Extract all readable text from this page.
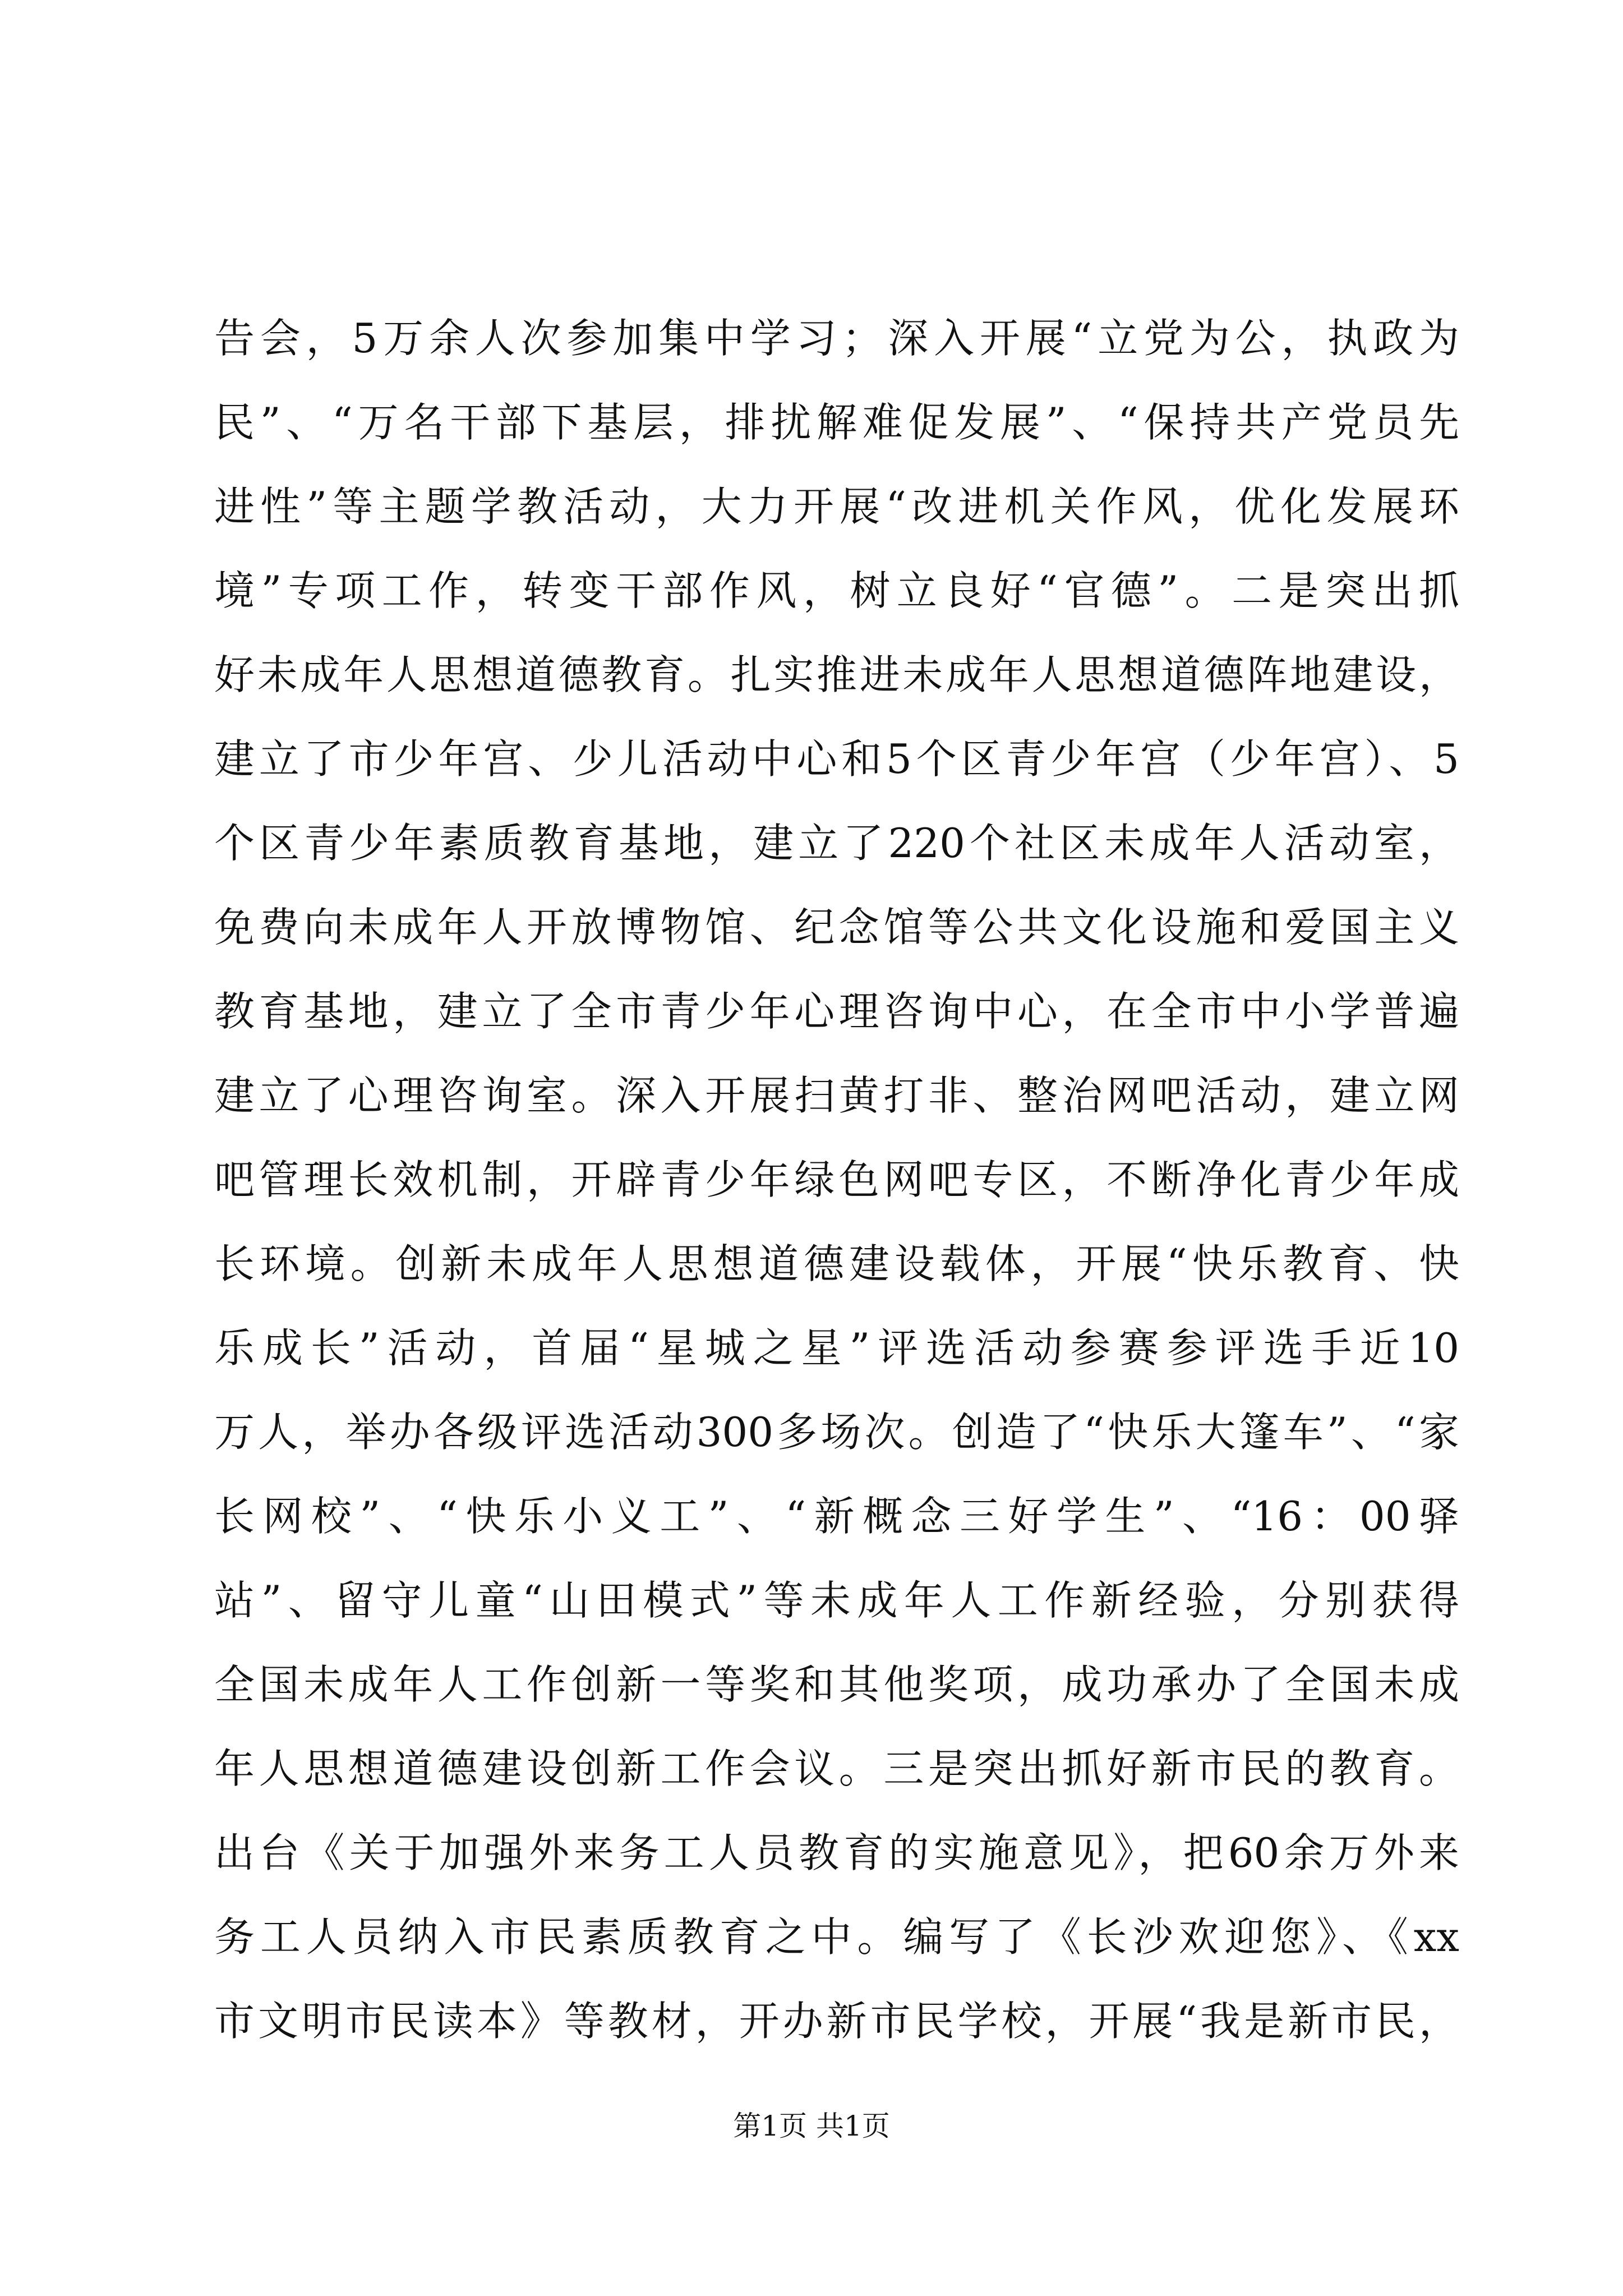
告会，5万余人次参加集中学习；深入开展“立党为公，执政为
民”、“万名干部下基层，排扰解难促发展”、“保持共产党员先
进性”等主题学教活动，大力开展“改进机关作风，优化发展环
境”专项工作，转变干部作风，树立良好“官德”。二是突出抓
好未成年人思想道德教育。扎实推进未成年人思想道德阵地建设，
建立了市少年宫、少儿活动中心和5个区青少年宫（少年宫）、5
个区青少年素质教育基地，建立了220个社区未成年人活动室，
免费向未成年人开放博物馆、纪念馆等公共文化设施和爱国主义
教育基地，建立了全市青少年心理咨询中心，在全市中小学普遍
建立了心理咨询室。深入开展扫黄打非、整治网吧活动，建立网
吧管理长效机制，开辟青少年绿色网吧专区，不断净化青少年成
长环境。创新未成年人思想道德建设载体，开展“快乐教育、快
乐成长”活动，首届“星城之星”评选活动参赛参评选手近10
万人，举办各级评选活动300多场次。创造了“快乐大篷车”、“家
长网校”、“快乐小义工”、“新概念三好学生”、“16：00驿
站”、留守儿童“山田模式”等未成年人工作新经验，分别获得
全国未成年人工作创新一等奖和其他奖项，成功承办了全国未成
年人思想道德建设创新工作会议。三是突出抓好新市民的教育。
出台《关于加强外来务工人员教育的实施意见》，把60余万外来
务工人员纳入市民素质教育之中。编写了《长沙欢迎您》、《xx
市文明市民读本》等教材，开办新市民学校，开展“我是新市民，
第1页 共1页
